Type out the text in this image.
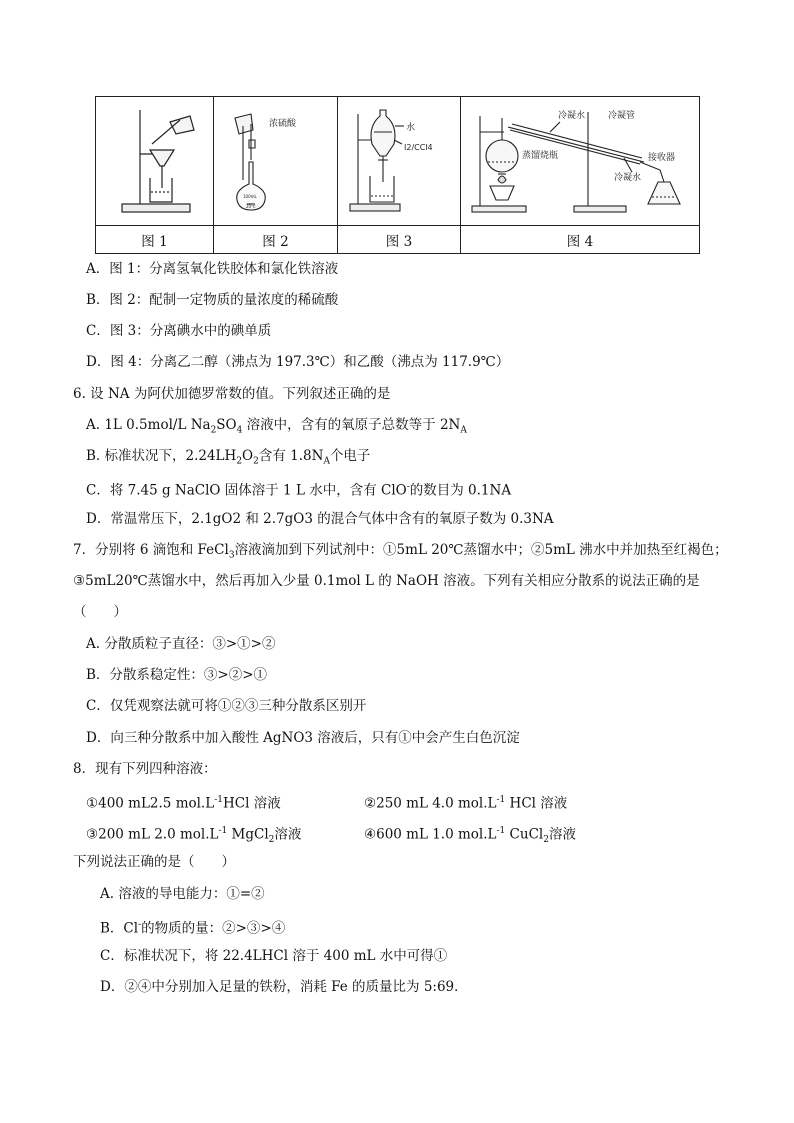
浓硫酸
100mL
20℃	水
I2/CCl4	冷凝水 冷凝管
蒸馏烧瓶 接收器
冷凝水

图 1	图 2	图 3	图 4
A．图 1：分离氢氧化铁胶体和氯化铁溶液
B．图 2：配制一定物质的量浓度的稀硫酸
C．图 3：分离碘水中的碘单质
D．图 4：分离乙二醇（沸点为 197.3℃）和乙酸（沸点为 117.9℃）
6. 设 NA 为阿伏加德罗常数的值。下列叙述正确的是
A. 1L 0.5mol/L $Na_2SO_4$ 溶液中，含有的氧原子总数等于 $2N_A$
B. 标准状况下，$2.24LH_2O_2$含有 $1.8N_A$个电子
C．将 7.45 g NaClO 固体溶于 1 L 水中，含有 ClO-的数目为 0.1NA
D．常温常压下，2.1gO2 和 2.7gO3 的混合气体中含有的氧原子数为 0.3NA
7．分别将 6 滴饱和 FeCl$_3$溶液滴加到下列试剂中：①5mL 20℃蒸馏水中；②5mL 沸水中并加热至红褐色；
③5mL20℃蒸馏水中，然后再加入少量 0.1mol L 的 NaOH 溶液。下列有关相应分散系的说法正确的是
（　　）
A. 分散质粒子直径：③>①>②
B．分散系稳定性：③>②>①
C．仅凭观察法就可将①②③三种分散系区别开
D．向三种分散系中加入酸性 AgNO3 溶液后，只有①中会产生白色沉淀
8．现有下列四种溶液：
①400 mL2.5 $mol.L^{-1}HCl$ 溶液	②250 mL 4.0 $mol.L^{-1}$ HCl 溶液
③200 mL 2.0 $mol.L^{-1}$ MgCl$_2$溶液	④600 mL 1.0 $mol.L^{-1}$ CuCl$_2$溶液
下列说法正确的是（　　）
A. 溶液的导电能力：①=②
B．Cl-的物质的量：②>③>④
C．标准状况下，将 22.4LHCl 溶于 400 mL 水中可得①
D．②④中分别加入足量的铁粉，消耗 Fe 的质量比为 5:69．
